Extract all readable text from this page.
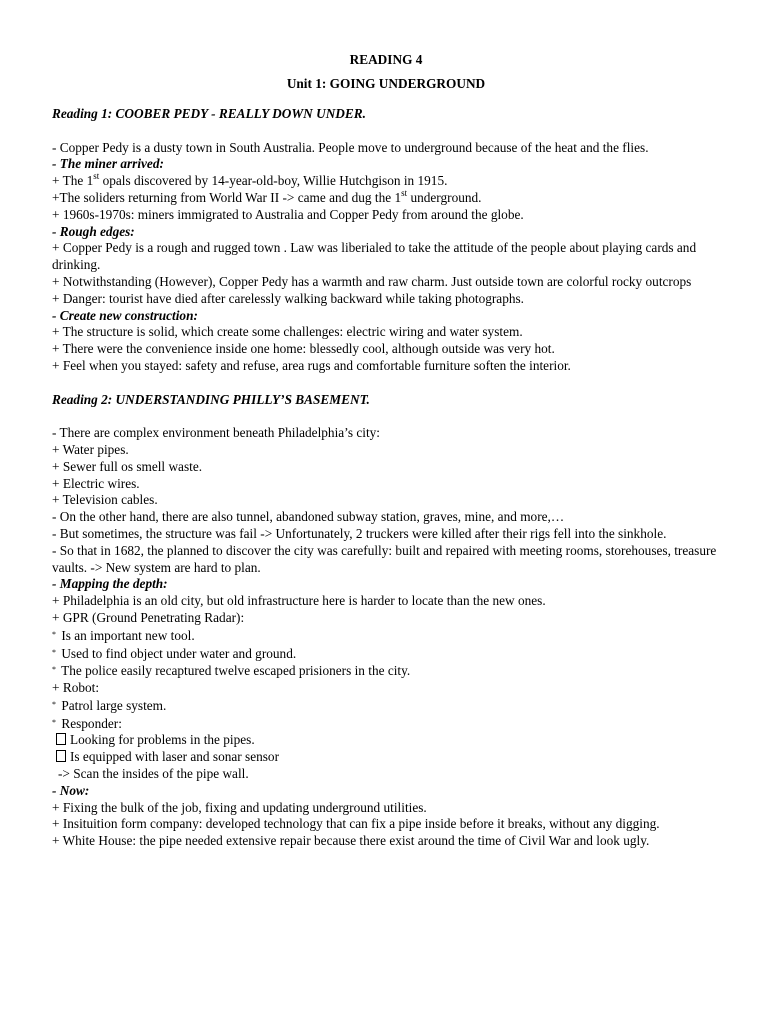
READING 4
Unit 1: GOING UNDERGROUND
Reading 1: COOBER PEDY - REALLY DOWN UNDER.
- Copper Pedy is a dusty town in South Australia. People move to underground because of the heat and the flies.
- The miner arrived:
+ The 1st opals discovered by 14-year-old-boy, Willie Hutchgison in 1915.
+The soliders returning from World War II -> came and dug the 1st underground.
+ 1960s-1970s: miners immigrated to Australia and Copper Pedy from around the globe.
- Rough edges:
+ Copper Pedy is a rough and rugged town . Law was liberialed to take the attitude of the people about playing cards and drinking.
+ Notwithstanding (However), Copper Pedy has a warmth and raw charm. Just outside town are colorful rocky outcrops
+ Danger: tourist have died after carelessly walking backward while taking photographs.
- Create new construction:
+ The structure is solid, which create some challenges: electric wiring and water system.
+ There were the convenience inside one home: blessedly cool, although outside was very hot.
+ Feel when you stayed: safety and refuse, area rugs and comfortable furniture soften the interior.
Reading 2: UNDERSTANDING PHILLY’S BASEMENT.
- There are complex environment beneath Philadelphia’s city:
+ Water pipes.
+ Sewer full os smell waste.
+ Electric wires.
+ Television cables.
- On the other hand, there are also tunnel, abandoned subway station, graves, mine, and more,…
- But sometimes, the structure was fail -> Unfortunately, 2 truckers were killed after their rigs fell into the sinkhole.
- So that in 1682, the planned to discover the city was carefully: built and repaired with meeting rooms, storehouses, treasure vaults. -> New system are hard to plan.
- Mapping the depth:
+ Philadelphia is an old city, but old infrastructure here is harder to locate than the new ones.
+ GPR (Ground Penetrating Radar):
* Is an important new tool.
* Used to find object under water and ground.
* The police easily recaptured twelve escaped prisioners in the city.
+ Robot:
* Patrol large system.
* Responder:
Looking for problems in the pipes.
Is equipped with laser and sonar sensor
-> Scan the insides of the pipe wall.
- Now:
+ Fixing the bulk of the job, fixing and updating underground utilities.
+ Insituition form company: developed technology that can fix a pipe inside before it breaks, without any digging.
+ White House: the pipe needed extensive repair because there exist around the time of Civil War and look ugly.
